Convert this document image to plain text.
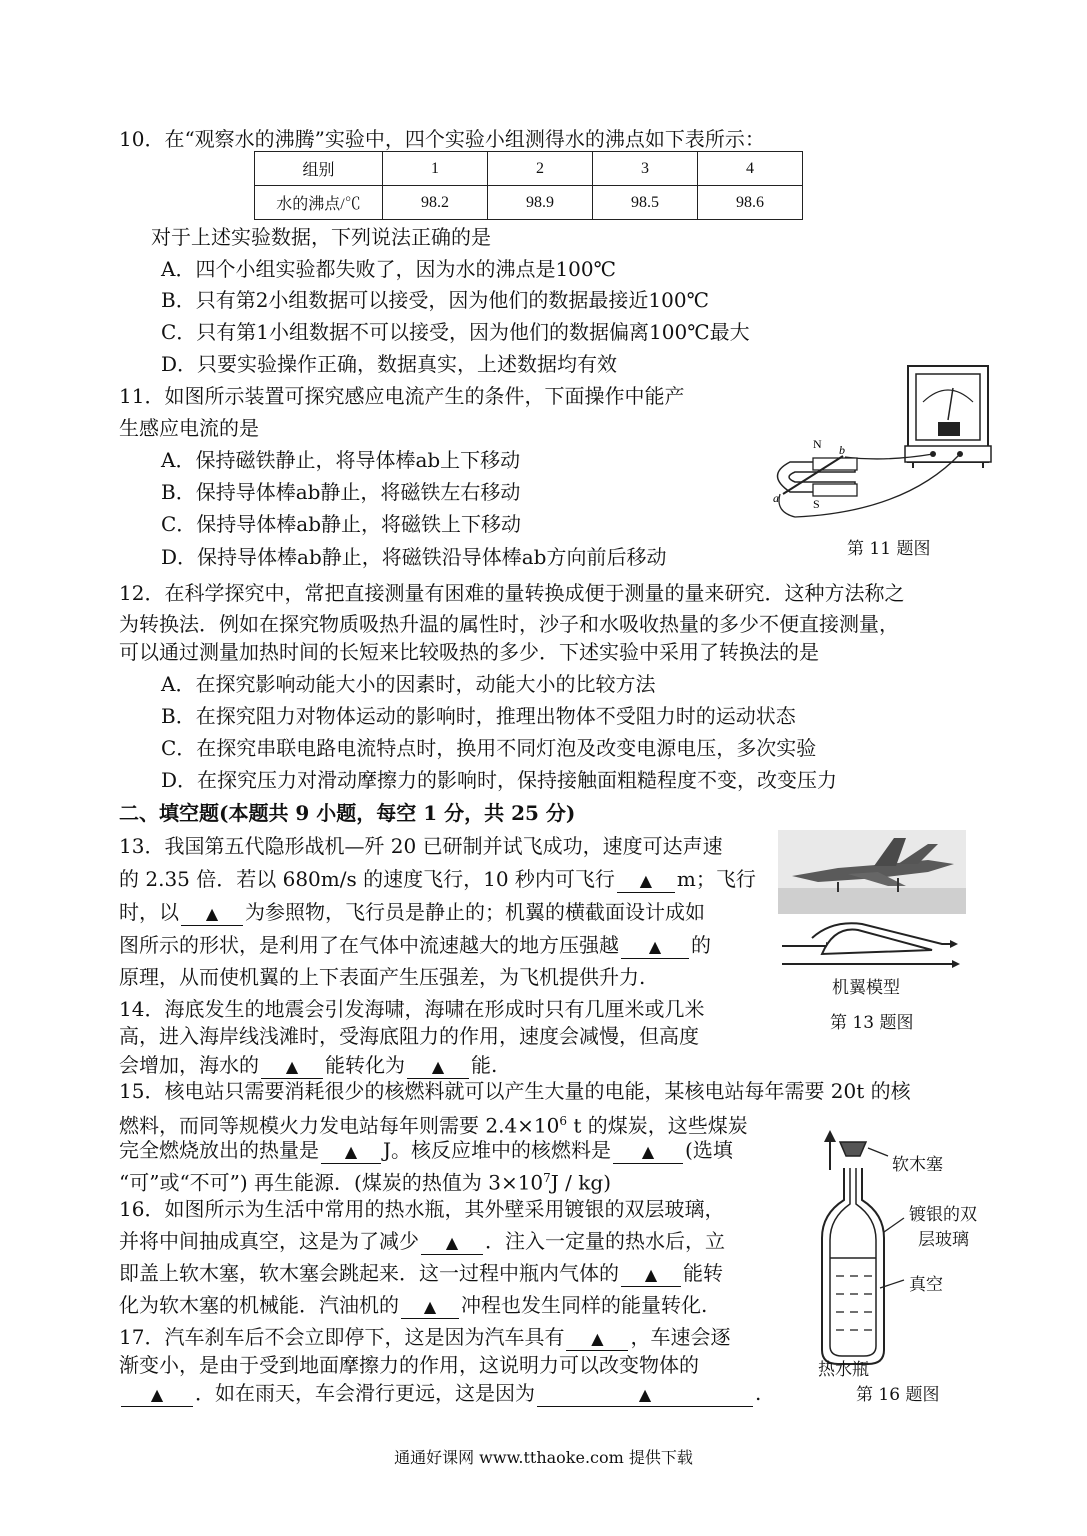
10．在“观察水的沸腾”实验中，四个实验小组测得水的沸点如下表所示：
组别	1	2	3	4
水的沸点/℃	98.2	98.9	98.5	98.6
对于上述实验数据，下列说法正确的是
A．四个小组实验都失败了，因为水的沸点是100℃
B．只有第2小组数据可以接受，因为他们的数据最接近100℃
C．只有第1小组数据不可以接受，因为他们的数据偏离100℃最大
D．只要实验操作正确，数据真实，上述数据均有效
11．如图所示装置可探究感应电流产生的条件，下面操作中能产
生感应电流的是
A．保持磁铁静止，将导体棒ab上下移动
B．保持导体棒ab静止，将磁铁左右移动
C．保持导体棒ab静止，将磁铁上下移动
D．保持导体棒ab静止，将磁铁沿导体棒ab方向前后移动
N
S
a
b
第 11 题图
12．在科学探究中，常把直接测量有困难的量转换成便于测量的量来研究．这种方法称之
为转换法．例如在探究物质吸热升温的属性时，沙子和水吸收热量的多少不便直接测量，
可以通过测量加热时间的长短来比较吸热的多少．下述实验中采用了转换法的是
A．在探究影响动能大小的因素时，动能大小的比较方法
B．在探究阻力对物体运动的影响时，推理出物体不受阻力时的运动状态
C．在探究串联电路电流特点时，换用不同灯泡及改变电源电压，多次实验
D．在探究压力对滑动摩擦力的影响时，保持接触面粗糙程度不变，改变压力
二、填空题(本题共 9 小题，每空 1 分，共 25 分)
13．我国第五代隐形战机—歼 20 已研制并试飞成功，速度可达声速
的 2.35 倍．若以 680m/s 的速度飞行，10 秒内可飞行 ▲ m；飞行
时，以 ▲ 为参照物，飞行员是静止的；机翼的横截面设计成如
图所示的形状，是利用了在气体中流速越大的地方压强越 ▲ 的
原理，从而使机翼的上下表面产生压强差，为飞机提供升力.	机翼模型
第 13 题图
14．海底发生的地震会引发海啸，海啸在形成时只有几厘米或几米
高，进入海岸线浅滩时，受海底阻力的作用，速度会减慢，但高度
会增加，海水的 ▲ 能转化为 ▲ 能.
15．核电站只需要消耗很少的核燃料就可以产生大量的电能，某核电站每年需要 20t 的核
燃料，而同等规模火力发电站每年则需要 $2.4\times 10^6$ t 的煤炭，这些煤炭
完全燃烧放出的热量是 ▲ J。核反应堆中的核燃料是 ▲ (选填
“可”或“不可”) 再生能源．(煤炭的热值为 $3\times 10^7J / kg$)
16．如图所示为生活中常用的热水瓶，其外壁采用镀银的双层玻璃，
并将中间抽成真空，这是为了减少 ▲ ．注入一定量的热水后，立
即盖上软木塞，软木塞会跳起来．这一过程中瓶内气体的 ▲ 能转
化为软木塞的机械能．汽油机的 ▲ 冲程也发生同样的能量转化.
软木塞
镀银的双
层玻璃
真空
热水瓶
第 16 题图
17．汽车刹车后不会立即停下，这是因为汽车具有 ▲ ，车速会逐
渐变小，是由于受到地面摩擦力的作用，这说明力可以改变物体的
▲ ．如在雨天，车会滑行更远，这是因为	▲	.
通通好课网 www.tthaoke.com 提供下载
